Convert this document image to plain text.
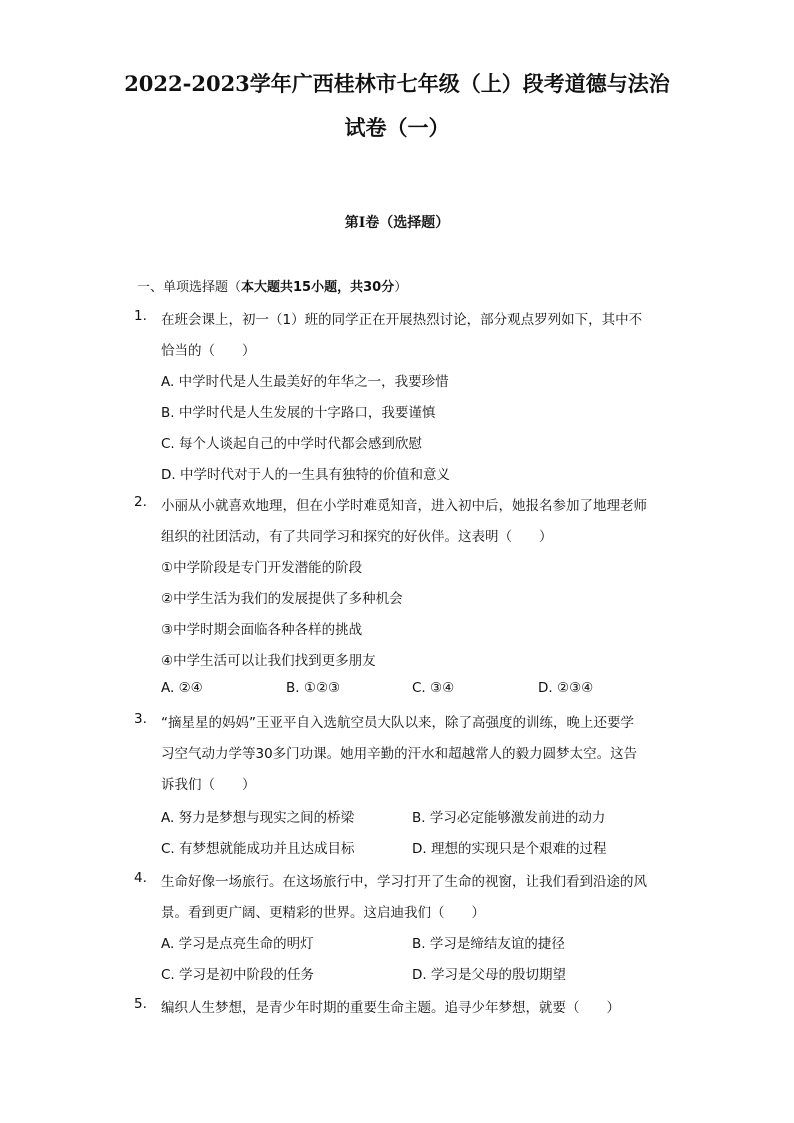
2022-2023学年广西桂林市七年级（上）段考道德与法治
试卷（一）
第I卷（选择题）
一、单项选择题（本大题共15小题，共30分）
1. 在班会课上，初一（1）班的同学正在开展热烈讨论，部分观点罗列如下，其中不
恰当的（　　）
A. 中学时代是人生最美好的年华之一，我要珍惜
B. 中学时代是人生发展的十字路口，我要谨慎
C. 每个人谈起自己的中学时代都会感到欣慰
D. 中学时代对于人的一生具有独特的价值和意义
2. 小丽从小就喜欢地理，但在小学时难觅知音，进入初中后，她报名参加了地理老师
组织的社团活动，有了共同学习和探究的好伙伴。这表明（　　）
①中学阶段是专门开发潜能的阶段
②中学生活为我们的发展提供了多种机会
③中学时期会面临各种各样的挑战
④中学生活可以让我们找到更多朋友
A. ②④	B. ①②③	C. ③④	D. ②③④
3. “摘星星的妈妈”王亚平自入选航空员大队以来，除了高强度的训练，晚上还要学
习空气动力学等30多门功课。她用辛勤的汗水和超越常人的毅力圆梦太空。这告
诉我们（　　）
A. 努力是梦想与现实之间的桥梁	B. 学习必定能够激发前进的动力
C. 有梦想就能成功并且达成目标	D. 理想的实现只是个艰难的过程
4. 生命好像一场旅行。在这场旅行中，学习打开了生命的视窗，让我们看到沿途的风
景。看到更广阔、更精彩的世界。这启迪我们（　　）
A. 学习是点亮生命的明灯	B. 学习是缔结友谊的捷径
C. 学习是初中阶段的任务	D. 学习是父母的殷切期望
5. 编织人生梦想，是青少年时期的重要生命主题。追寻少年梦想，就要（　　）
